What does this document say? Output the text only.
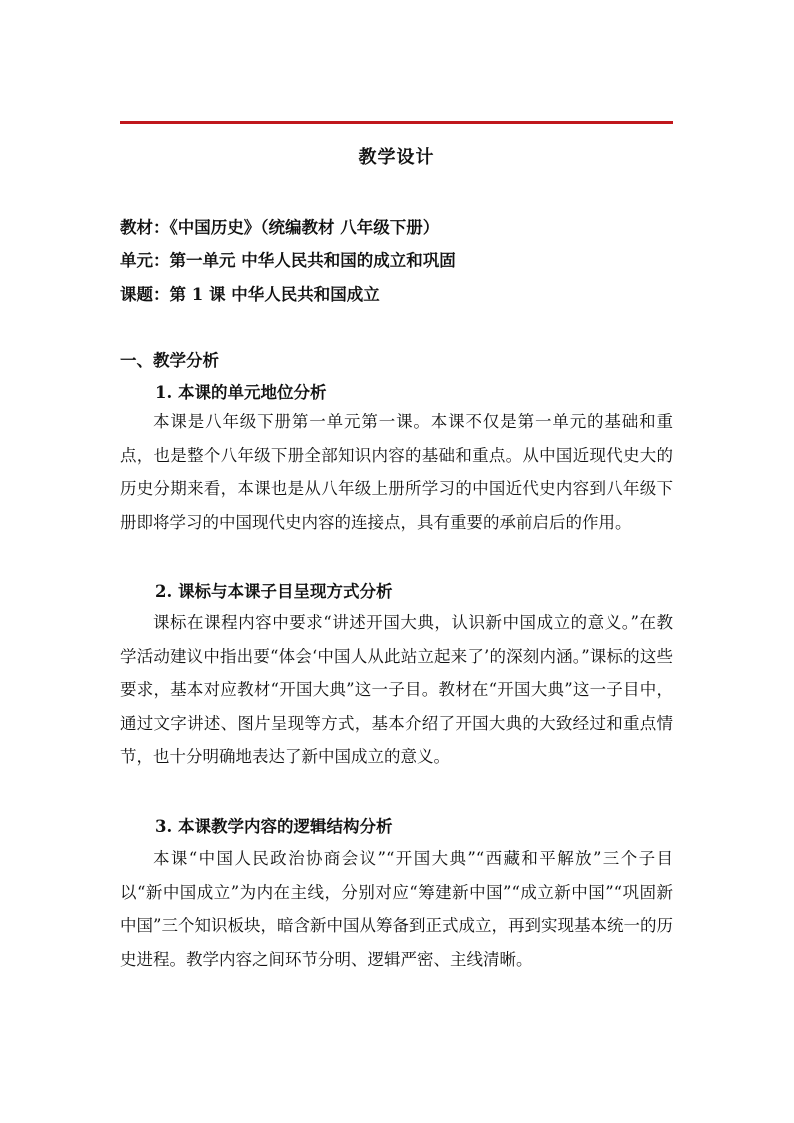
教学设计

教材：《中国历史》（统编教材 八年级下册）

单元：第一单元 中华人民共和国的成立和巩固

课题：第 1 课 中华人民共和国成立

一、教学分析
1. 本课的单元地位分析

本课是八年级下册第一单元第一课。本课不仅是第一单元的基础和重点，也是整个八年级下册全部知识内容的基础和重点。从中国近现代史大的历史分期来看，本课也是从八年级上册所学习的中国近代史内容到八年级下册即将学习的中国现代史内容的连接点，具有重要的承前启后的作用。

2. 课标与本课子目呈现方式分析

课标在课程内容中要求“讲述开国大典，认识新中国成立的意义。”在教学活动建议中指出要“体会‘中国人从此站立起来了’的深刻内涵。”课标的这些要求，基本对应教材“开国大典”这一子目。教材在“开国大典”这一子目中，通过文字讲述、图片呈现等方式，基本介绍了开国大典的大致经过和重点情节，也十分明确地表达了新中国成立的意义。

3. 本课教学内容的逻辑结构分析

本课“中国人民政治协商会议”“开国大典”“西藏和平解放”三个子目以“新中国成立”为内在主线，分别对应“筹建新中国”“成立新中国”“巩固新中国”三个知识板块，暗含新中国从筹备到正式成立，再到实现基本统一的历史进程。教学内容之间环节分明、逻辑严密、主线清晰。
